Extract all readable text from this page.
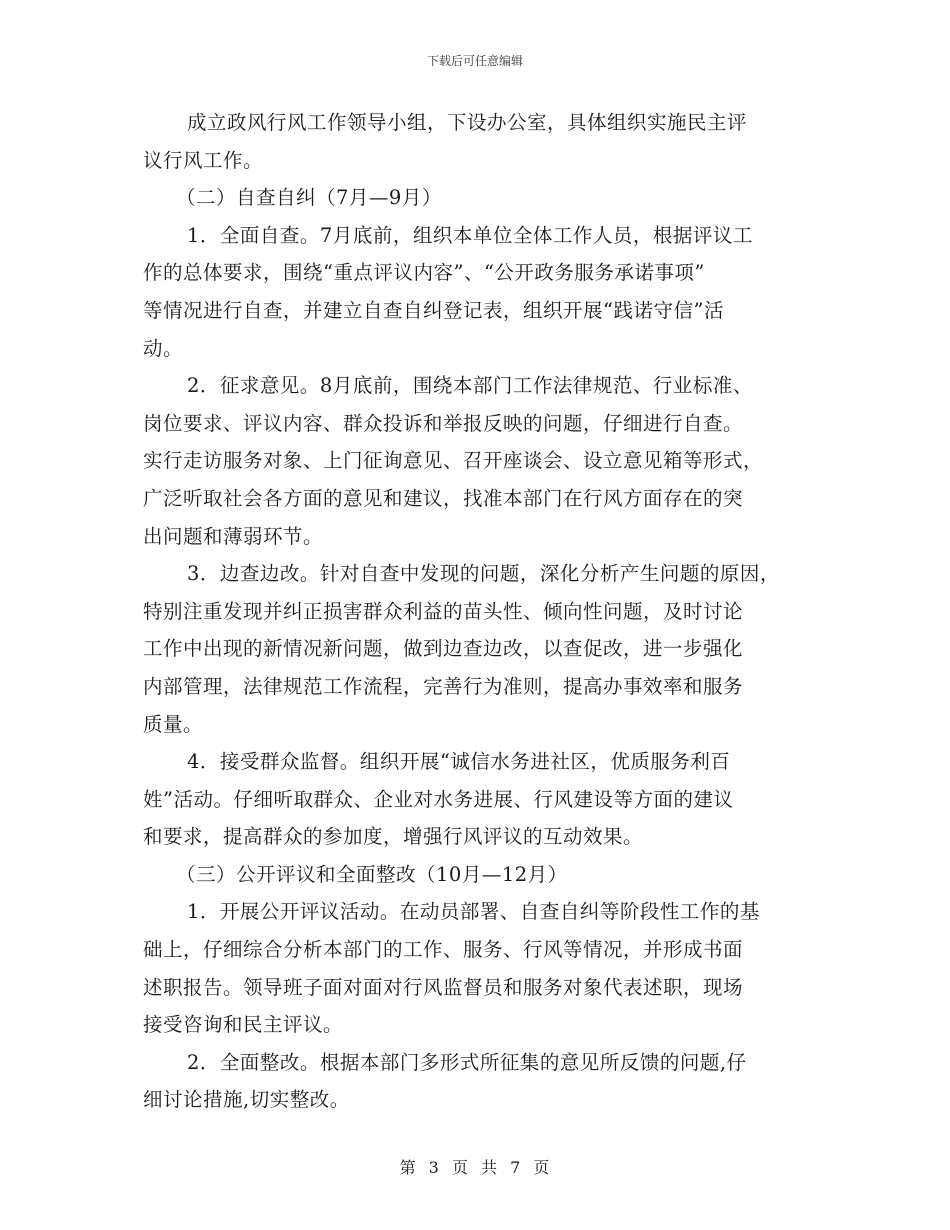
下载后可任意编辑
成立政风行风工作领导小组，下设办公室，具体组织实施民主评
议行风工作。
（二）自查自纠（7月—9月）
1．全面自查。7月底前，组织本单位全体工作人员，根据评议工
作的总体要求，围绕“重点评议内容”、“公开政务服务承诺事项”
等情况进行自查，并建立自查自纠登记表，组织开展“践诺守信”活
动。
2．征求意见。8月底前，围绕本部门工作法律规范、行业标准、
岗位要求、评议内容、群众投诉和举报反映的问题，仔细进行自查。
实行走访服务对象、上门征询意见、召开座谈会、设立意见箱等形式，
广泛听取社会各方面的意见和建议，找准本部门在行风方面存在的突
出问题和薄弱环节。
3．边查边改。针对自查中发现的问题，深化分析产生问题的原因，
特别注重发现并纠正损害群众利益的苗头性、倾向性问题，及时讨论
工作中出现的新情况新问题，做到边查边改，以查促改，进一步强化
内部管理，法律规范工作流程，完善行为准则，提高办事效率和服务
质量。
4．接受群众监督。组织开展“诚信水务进社区，优质服务利百
姓”活动。仔细听取群众、企业对水务进展、行风建设等方面的建议
和要求，提高群众的参加度，增强行风评议的互动效果。
（三）公开评议和全面整改（10月—12月）
1．开展公开评议活动。在动员部署、自查自纠等阶段性工作的基
础上，仔细综合分析本部门的工作、服务、行风等情况，并形成书面
述职报告。领导班子面对面对行风监督员和服务对象代表述职，现场
接受咨询和民主评议。
2．全面整改。根据本部门多形式所征集的意见所反馈的问题,仔
细讨论措施,切实整改。
第 3 页 共 7 页
